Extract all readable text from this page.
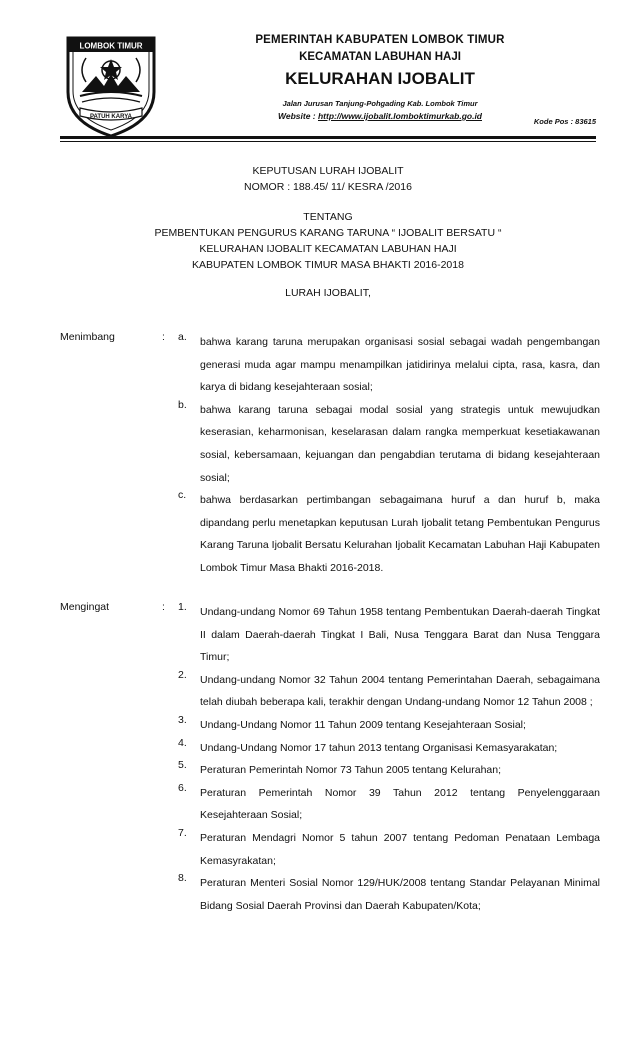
LOMBOK TIMUR
PATUH KARYA
PEMERINTAH KABUPATEN LOMBOK TIMUR
KECAMATAN LABUHAN HAJI
KELURAHAN IJOBALIT
Jalan Jurusan Tanjung-Pohgading Kab. Lombok Timur
Website : http://www.ijobalit.lomboktimurkab.go.id
Kode Pos : 83615
KEPUTUSAN LURAH IJOBALIT
NOMOR : 188.45/ 11/ KESRA /2016
TENTANG
PEMBENTUKAN PENGURUS KARANG TARUNA “ IJOBALIT BERSATU “
KELURAHAN IJOBALIT KECAMATAN LABUHAN HAJI
KABUPATEN LOMBOK TIMUR MASA BHAKTI 2016-2018
LURAH IJOBALIT,
Menimbang	: a. bahwa karang taruna merupakan organisasi sosial sebagai wadah pengembangan generasi muda agar mampu menampilkan jatidirinya melalui cipta, rasa, kasra, dan karya di bidang kesejahteraan sosial;
b. bahwa karang taruna sebagai modal sosial yang strategis untuk mewujudkan keserasian, keharmonisan, keselarasan dalam rangka memperkuat kesetiakawanan sosial, kebersamaan, kejuangan dan pengabdian terutama di bidang kesejahteraan sosial;
c. bahwa berdasarkan pertimbangan sebagaimana huruf a dan huruf b, maka dipandang perlu menetapkan keputusan Lurah Ijobalit tetang Pembentukan Pengurus Karang Taruna Ijobalit Bersatu Kelurahan Ijobalit Kecamatan Labuhan Haji Kabupaten Lombok Timur Masa Bhakti 2016-2018.
Mengingat	: 1. Undang-undang Nomor 69 Tahun 1958 tentang Pembentukan Daerah-daerah Tingkat II dalam Daerah-daerah Tingkat I Bali, Nusa Tenggara Barat dan Nusa Tenggara Timur;
2. Undang-undang Nomor 32 Tahun 2004 tentang Pemerintahan Daerah, sebagaimana telah diubah beberapa kali, terakhir dengan Undang-undang Nomor 12 Tahun 2008 ;
3. Undang-Undang Nomor 11 Tahun 2009 tentang Kesejahteraan Sosial;
4. Undang-Undang Nomor 17 tahun 2013 tentang Organisasi Kemasyarakatan;
5. Peraturan Pemerintah Nomor 73 Tahun 2005 tentang Kelurahan;
6. Peraturan Pemerintah Nomor 39 Tahun 2012 tentang Penyelenggaraan Kesejahteraan Sosial;
7. Peraturan Mendagri Nomor 5 tahun 2007 tentang Pedoman Penataan Lembaga Kemasyrakatan;
8. Peraturan Menteri Sosial Nomor 129/HUK/2008 tentang Standar Pelayanan Minimal Bidang Sosial Daerah Provinsi dan Daerah Kabupaten/Kota;
